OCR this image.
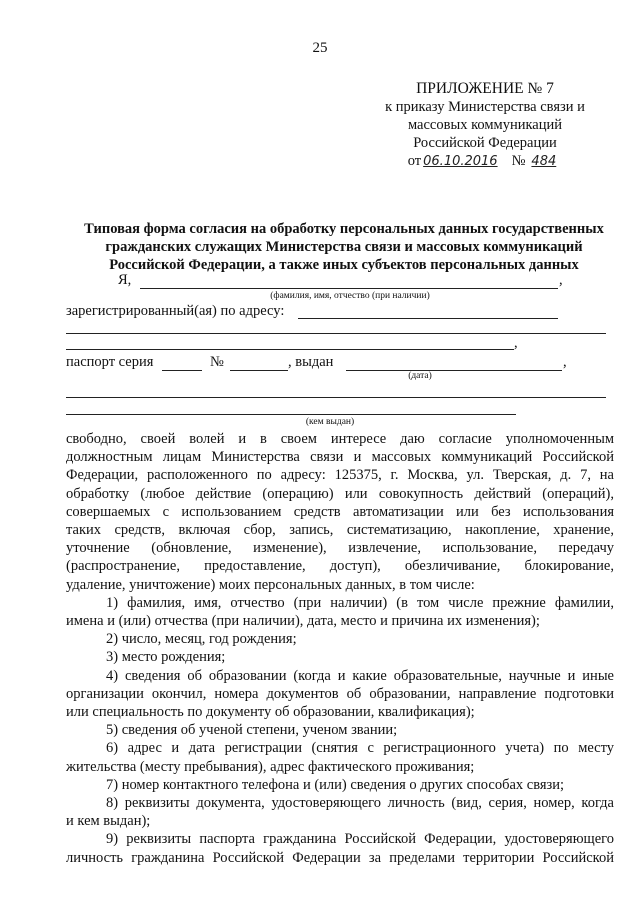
25
ПРИЛОЖЕНИЕ № 7
к приказу Министерства связи и
массовых коммуникаций
Российской Федерации
от 06.10.2016 № 484
Типовая форма согласия на обработку персональных данных государственных
гражданских служащих Министерства связи и массовых коммуникаций
Российской Федерации, а также иных субъектов персональных данных
Я,	,
(фамилия, имя, отчество (при наличии)
зарегистрированный(ая) по адресу:
,
паспорт серия	№	, выдан	,
(дата)
(кем выдан)

свободно, своей волей и в своем интересе даю согласие уполномоченным

должностным лицам Министерства связи и массовых коммуникаций Российской

Федерации, расположенного по адресу: 125375, г. Москва, ул. Тверская, д. 7, на

обработку (любое действие (операцию) или совокупность действий (операций),

совершаемых с использованием средств автоматизации или без использования

таких средств, включая сбор, запись, систематизацию, накопление, хранение,

уточнение (обновление, изменение), извлечение, использование, передачу

(распространение, предоставление, доступ), обезличивание, блокирование,

удаление, уничтожение) моих персональных данных, в том числе:

1) фамилия, имя, отчество (при наличии) (в том числе прежние фамилии,

имена и (или) отчества (при наличии), дата, место и причина их изменения);

2) число, месяц, год рождения;

3) место рождения;

4) сведения об образовании (когда и какие образовательные, научные и иные

организации окончил, номера документов об образовании, направление подготовки

или специальность по документу об образовании, квалификация);

5) сведения об ученой степени, ученом звании;

6) адрес и дата регистрации (снятия с регистрационного учета) по месту

жительства (месту пребывания), адрес фактического проживания;

7) номер контактного телефона и (или) сведения о других способах связи;

8) реквизиты документа, удостоверяющего личность (вид, серия, номер, когда

и кем выдан);

9) реквизиты паспорта гражданина Российской Федерации, удостоверяющего

личность гражданина Российской Федерации за пределами территории Российской
